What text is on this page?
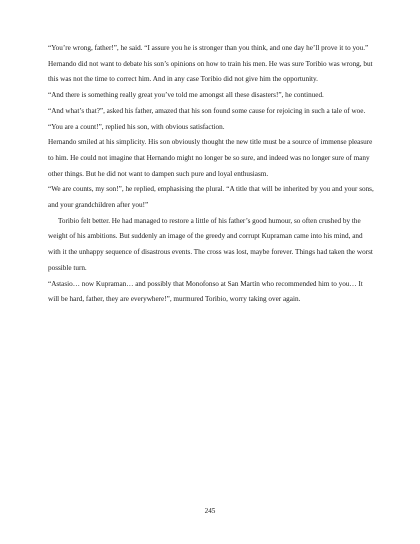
“You’re wrong, father!”, he said. “I assure you he is stronger than you think, and one day he’ll prove it to you.”

Hernando did not want to debate his son’s opinions on how to train his men. He was sure Toribio was wrong, but this was not the time to correct him. And in any case Toribio did not give him the opportunity.

“And there is something really great you’ve told me amongst all these disasters!”, he continued.

“And what’s that?”, asked his father, amazed that his son found some cause for rejoicing in such a tale of woe.

“You are a count!”, replied his son, with obvious satisfaction.

Hernando smiled at his simplicity. His son obviously thought the new title must be a source of immense pleasure to him. He could not imagine that Hernando might no longer be so sure, and indeed was no longer sure of many other things. But he did not want to dampen such pure and loyal enthusiasm.

“We are counts, my son!”, he replied, emphasising the plural. “A title that will be inherited by you and your sons, and your grandchildren after you!”

Toribio felt better. He had managed to restore a little of his father’s good humour, so often crushed by the weight of his ambitions. But suddenly an image of the greedy and corrupt Kupraman came into his mind, and with it the unhappy sequence of disastrous events. The cross was lost, maybe forever. Things had taken the worst possible turn.

“Astasio… now Kupraman… and possibly that Monofonso at San Martín who recommended him to you… It will be hard, father, they are everywhere!”, murmured Toribio, worry taking over again.

245
